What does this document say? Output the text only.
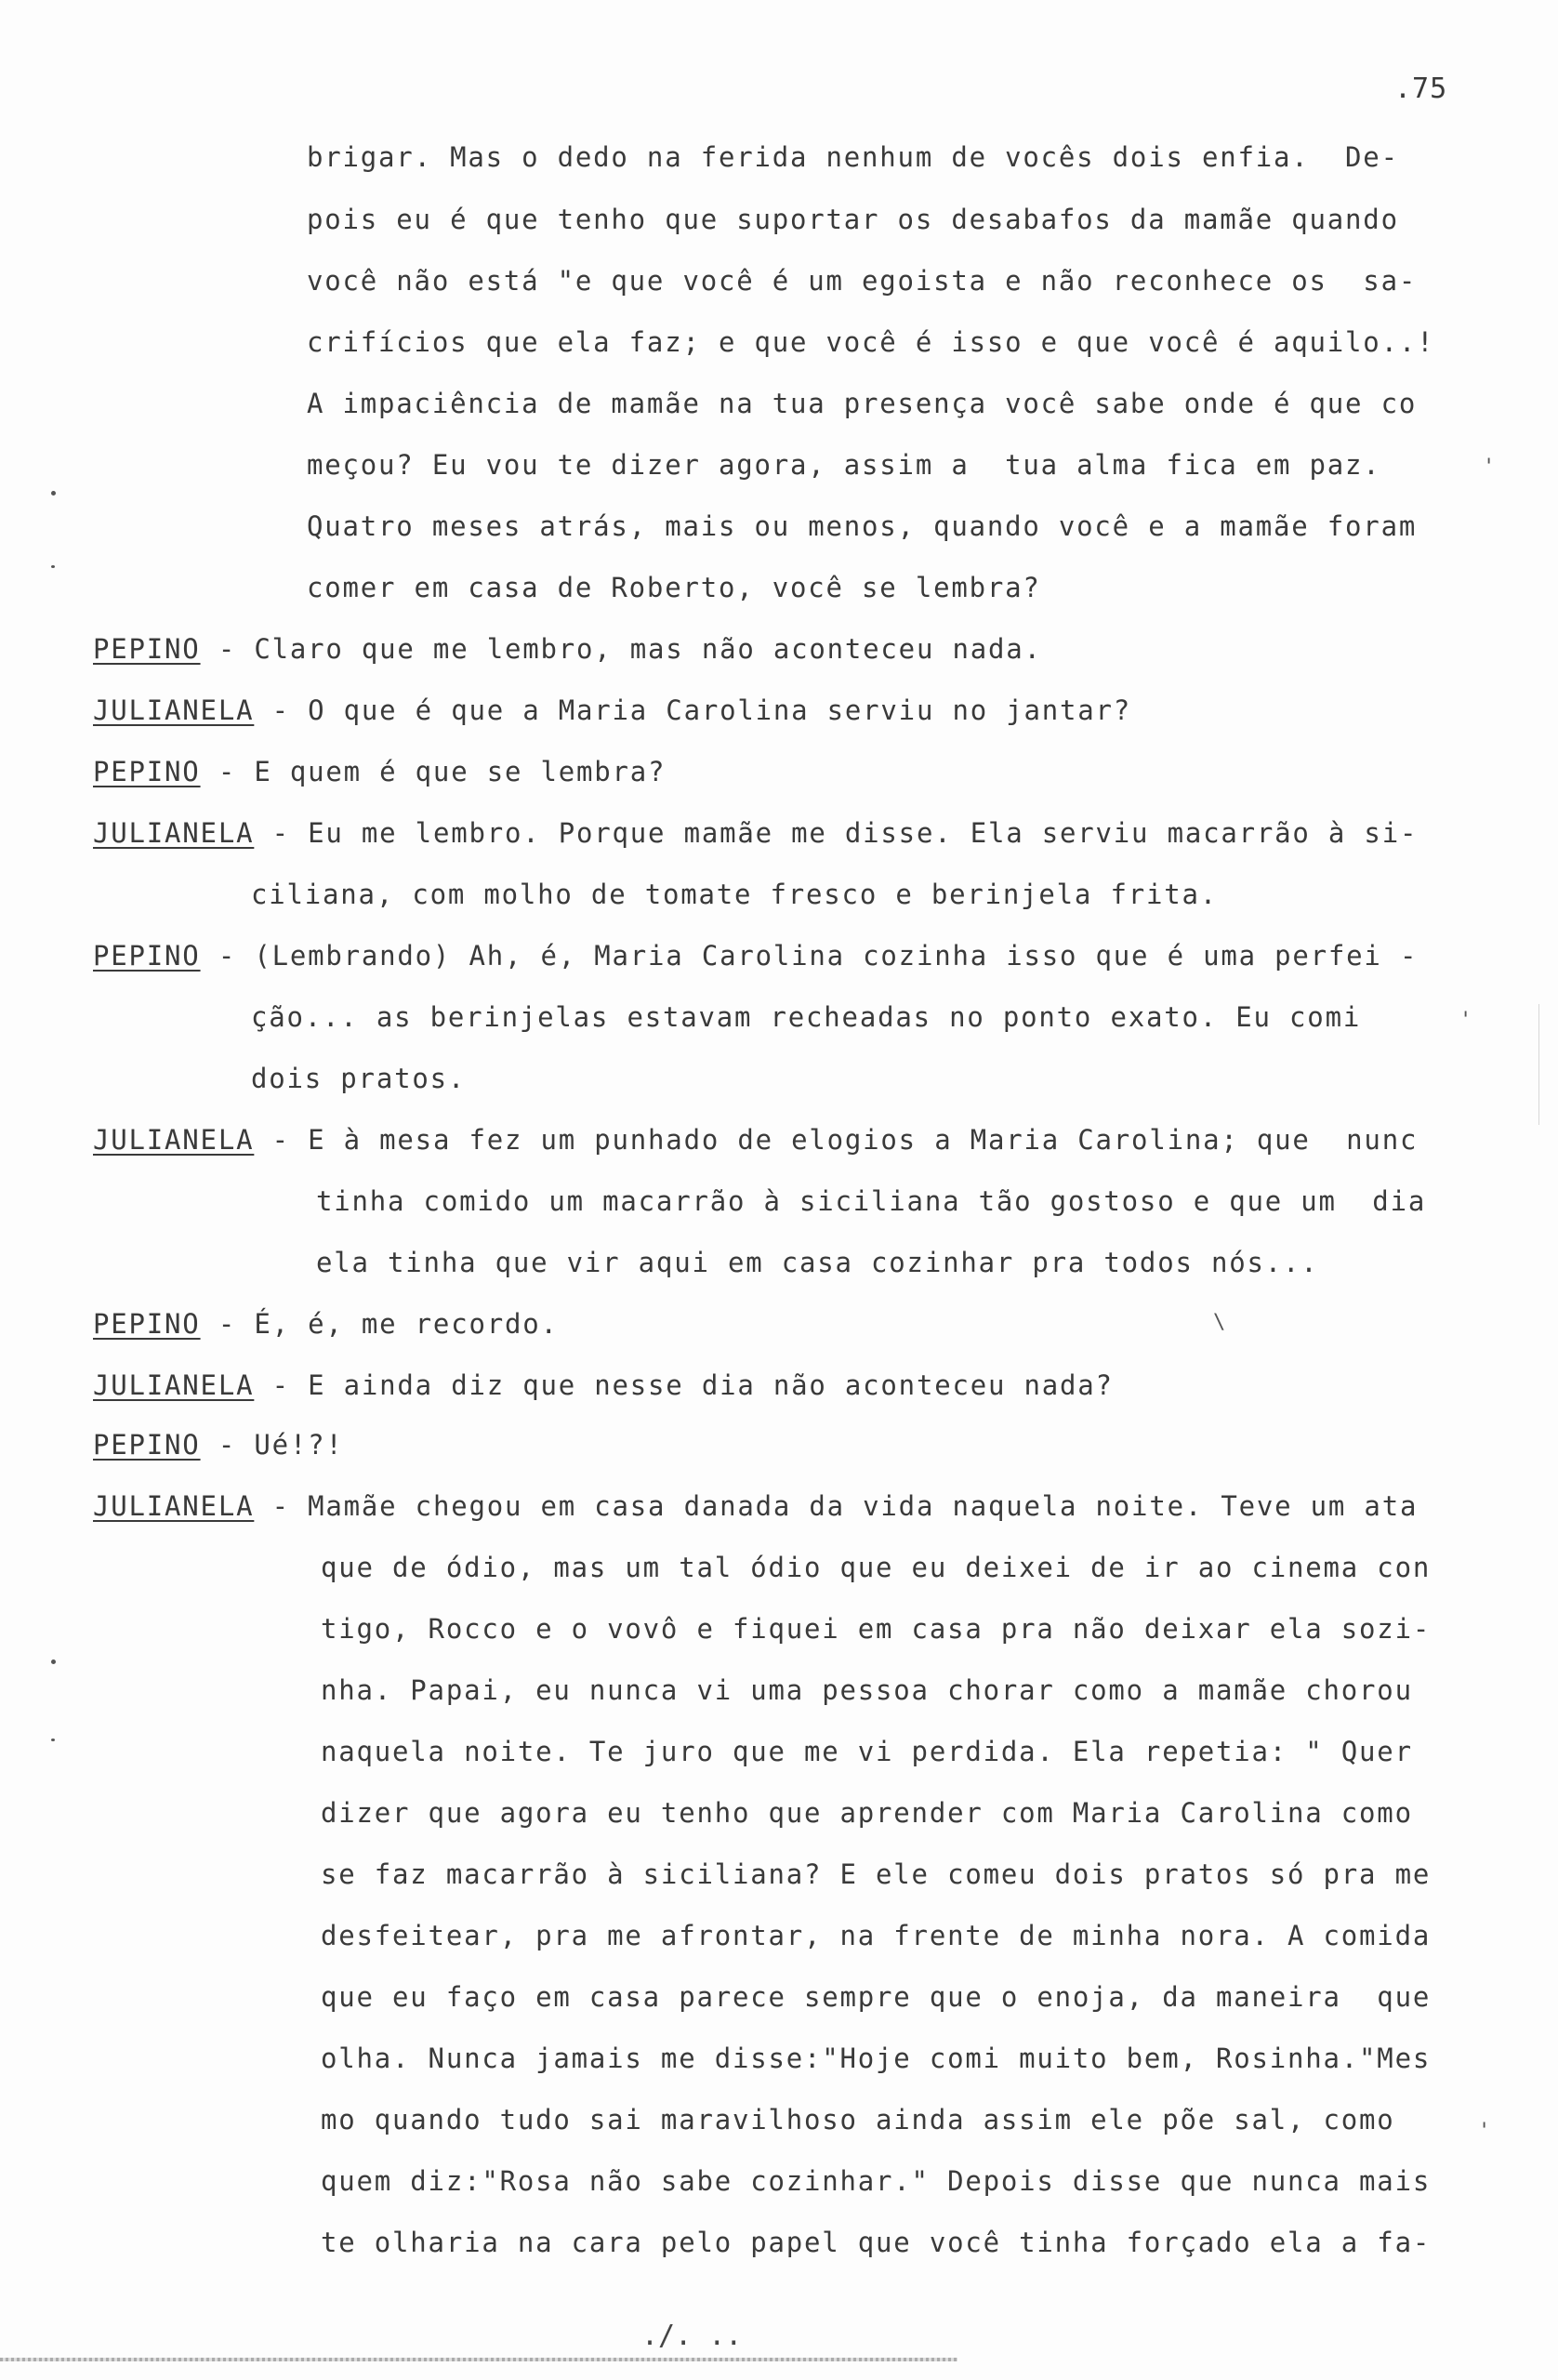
.75
brigar. Mas o dedo na ferida nenhum de vocês dois enfia.  De-
pois eu é que tenho que suportar os desabafos da mamãe quando
você não está "e que você é um egoista e não reconhece os  sa-
crifícios que ela faz; e que você é isso e que você é aquilo..!
A impaciência de mamãe na tua presença você sabe onde é que co
meçou? Eu vou te dizer agora, assim a  tua alma fica em paz.
Quatro meses atrás, mais ou menos, quando você e a mamãe foram
comer em casa de Roberto, você se lembra?
PEPINO - Claro que me lembro, mas não aconteceu nada.
JULIANELA - O que é que a Maria Carolina serviu no jantar?
PEPINO - E quem é que se lembra?
JULIANELA - Eu me lembro. Porque mamãe me disse. Ela serviu macarrão à si-
ciliana, com molho de tomate fresco e berinjela frita.
PEPINO - (Lembrando) Ah, é, Maria Carolina cozinha isso que é uma perfei -
ção... as berinjelas estavam recheadas no ponto exato. Eu comi
dois pratos.
JULIANELA - E à mesa fez um punhado de elogios a Maria Carolina; que  nunc
tinha comido um macarrão à siciliana tão gostoso e que um  dia
ela tinha que vir aqui em casa cozinhar pra todos nós...
PEPINO - É, é, me recordo.
JULIANELA - E ainda diz que nesse dia não aconteceu nada?
PEPINO - Ué!?!
JULIANELA - Mamãe chegou em casa danada da vida naquela noite. Teve um ata
que de ódio, mas um tal ódio que eu deixei de ir ao cinema con
tigo, Rocco e o vovô e fiquei em casa pra não deixar ela sozi-
nha. Papai, eu nunca vi uma pessoa chorar como a mamãe chorou
naquela noite. Te juro que me vi perdida. Ela repetia: " Quer
dizer que agora eu tenho que aprender com Maria Carolina como
se faz macarrão à siciliana? E ele comeu dois pratos só pra me
desfeitear, pra me afrontar, na frente de minha nora. A comida
que eu faço em casa parece sempre que o enoja, da maneira  que
olha. Nunca jamais me disse:"Hoje comi muito bem, Rosinha."Mes
mo quando tudo sai maravilhoso ainda assim ele põe sal, como
quem diz:"Rosa não sabe cozinhar." Depois disse que nunca mais
te olharia na cara pelo papel que você tinha forçado ela a fa-
'
'
'
\
./. ..
